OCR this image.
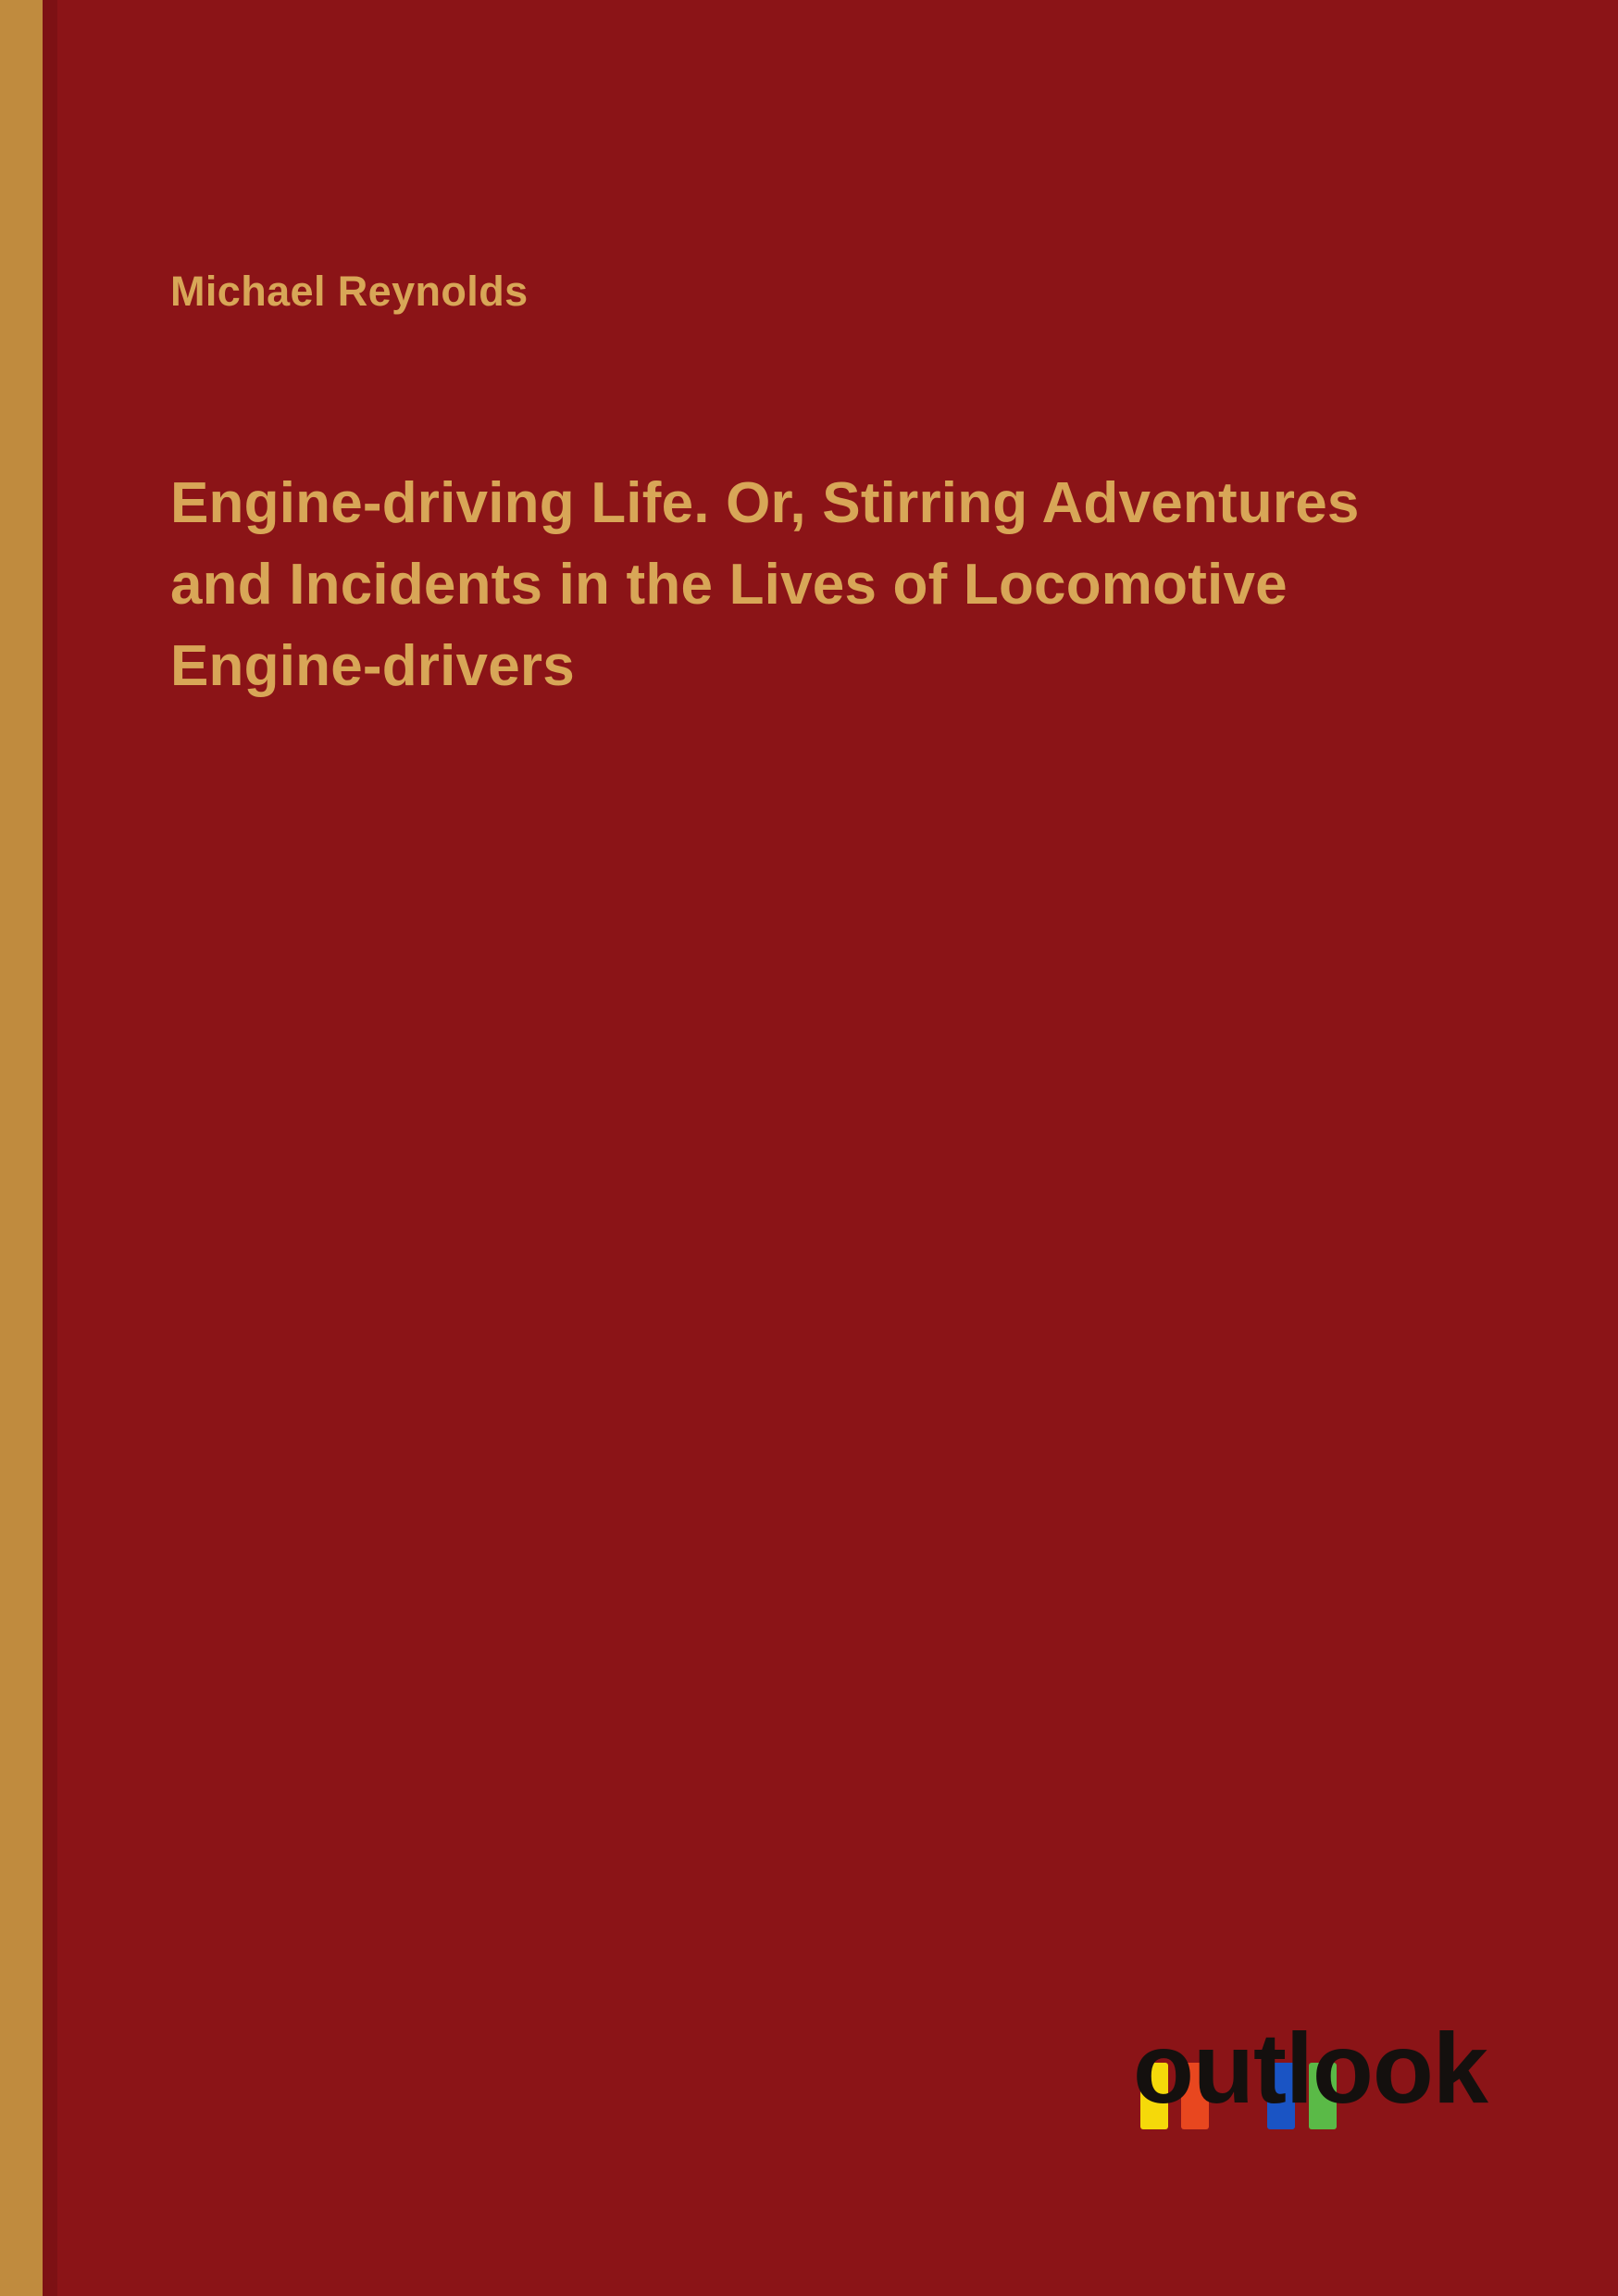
Michael Reynolds
Engine-driving Life. Or, Stirring Adventures and Incidents in the Lives of Locomotive Engine-drivers
outlook
